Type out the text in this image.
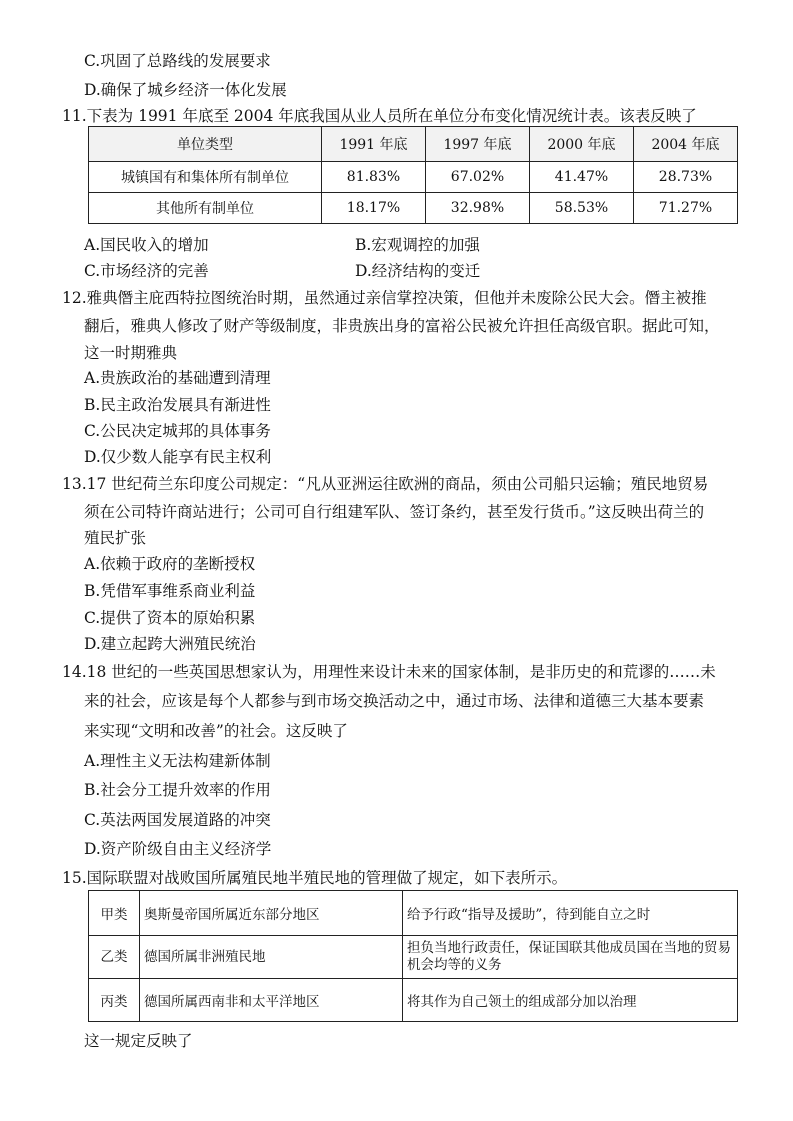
C.巩固了总路线的发展要求
D.确保了城乡经济一体化发展
11.下表为 1991 年底至 2004 年底我国从业人员所在单位分布变化情况统计表。该表反映了
单位类型	1991 年底	1997 年底	2000 年底	2004 年底
城镇国有和集体所有制单位	81.83%	67.02%	41.47%	28.73%
其他所有制单位	18.17%	32.98%	58.53%	71.27%
A.国民收入的增加	B.宏观调控的加强
C.市场经济的完善	D.经济结构的变迁
12.雅典僭主庇西特拉图统治时期，虽然通过亲信掌控决策，但他并未废除公民大会。僭主被推
翻后，雅典人修改了财产等级制度，非贵族出身的富裕公民被允许担任高级官职。据此可知，
这一时期雅典
A.贵族政治的基础遭到清理
B.民主政治发展具有渐进性
C.公民决定城邦的具体事务
D.仅少数人能享有民主权利
13.17 世纪荷兰东印度公司规定：“凡从亚洲运往欧洲的商品，须由公司船只运输；殖民地贸易
须在公司特许商站进行；公司可自行组建军队、签订条约，甚至发行货币。”这反映出荷兰的
殖民扩张
A.依赖于政府的垄断授权
B.凭借军事维系商业利益
C.提供了资本的原始积累
D.建立起跨大洲殖民统治
14.18 世纪的一些英国思想家认为，用理性来设计未来的国家体制，是非历史的和荒谬的……未
来的社会，应该是每个人都参与到市场交换活动之中，通过市场、法律和道德三大基本要素
来实现“文明和改善”的社会。这反映了
A.理性主义无法构建新体制
B.社会分工提升效率的作用
C.英法两国发展道路的冲突
D.资产阶级自由主义经济学
15.国际联盟对战败国所属殖民地半殖民地的管理做了规定，如下表所示。
甲类	奥斯曼帝国所属近东部分地区	给予行政“指导及援助”，待到能自立之时
乙类	德国所属非洲殖民地	担负当地行政责任，保证国联其他成员国在当地的贸易机会均等的义务
丙类	德国所属西南非和太平洋地区	将其作为自己领土的组成部分加以治理
这一规定反映了
